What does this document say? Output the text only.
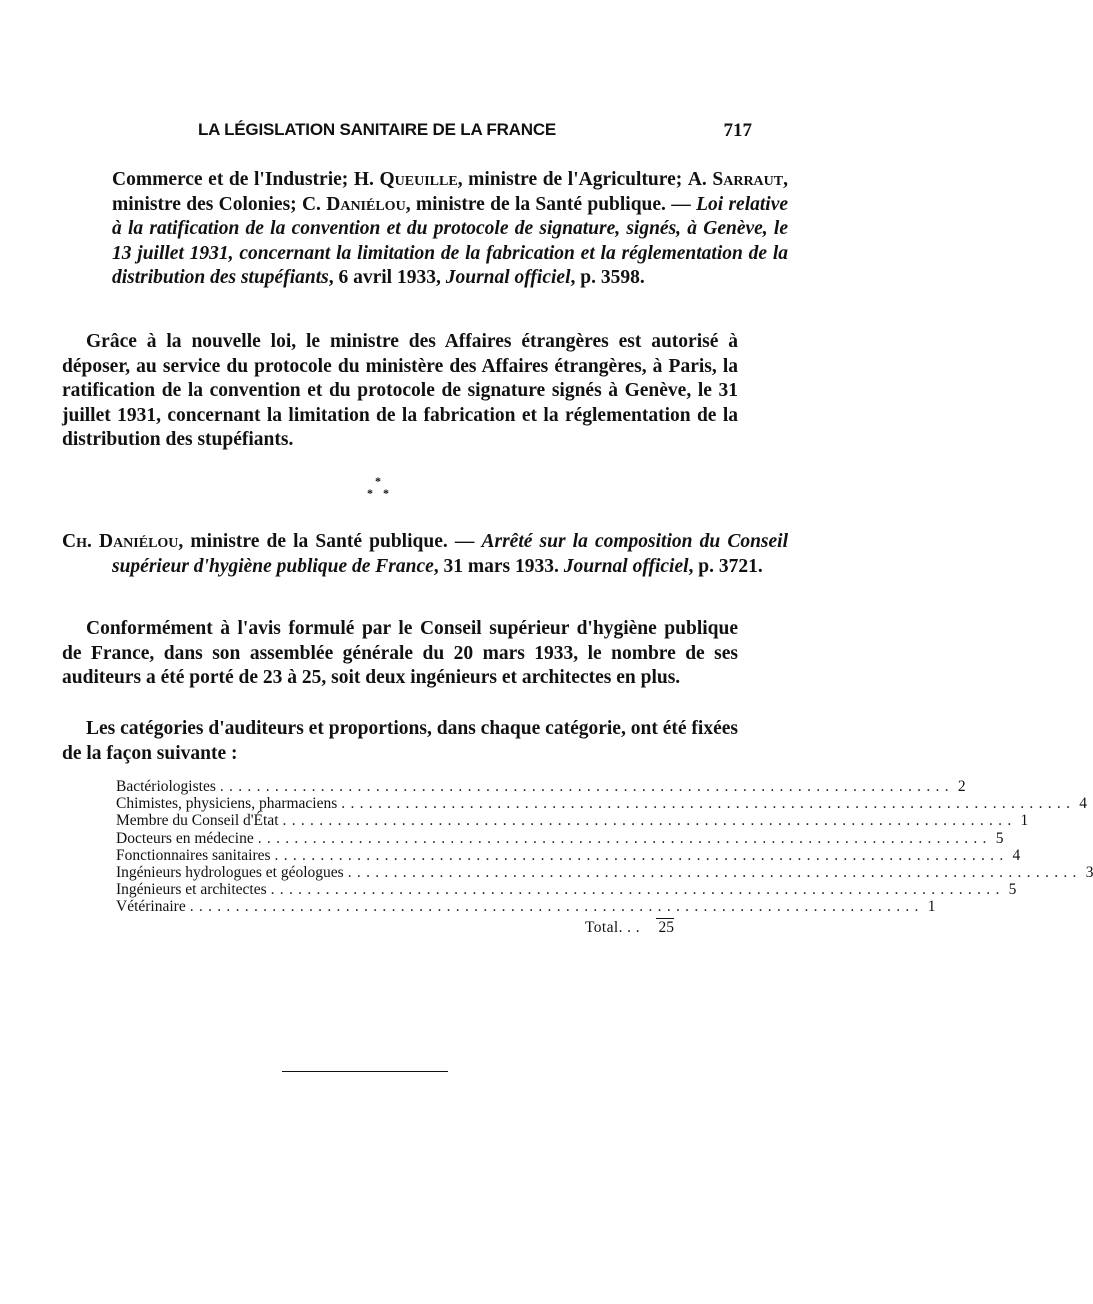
LA LÉGISLATION SANITAIRE DE LA FRANCE	717
Commerce et de l'Industrie; H. Queuille, ministre de l'Agriculture; A. Sarraut, ministre des Colonies; C. Daniélou, ministre de la Santé publique. — Loi relative à la ratification de la convention et du protocole de signature, signés, à Genève, le 13 juillet 1931, concernant la limitation de la fabrication et la réglementation de la distribution des stupéfiants, 6 avril 1933, Journal officiel, p. 3598.
Grâce à la nouvelle loi, le ministre des Affaires étrangères est autorisé à déposer, au service du protocole du ministère des Affaires étrangères, à Paris, la ratification de la convention et du protocole de signature signés à Genève, le 31 juillet 1931, concernant la limitation de la fabrication et la réglementation de la distribution des stupéfiants.
*
* *
Ch. Daniélou, ministre de la Santé publique. — Arrêté sur la composition du Conseil supérieur d'hygiène publique de France, 31 mars 1933. Journal officiel, p. 3721.
Conformément à l'avis formulé par le Conseil supérieur d'hygiène publique de France, dans son assemblée générale du 20 mars 1933, le nombre de ses auditeurs a été porté de 23 à 25, soit deux ingénieurs et architectes en plus.
Les catégories d'auditeurs et proportions, dans chaque catégorie, ont été fixées de la façon suivante :
Bactériologistes ................................................................................ 2
Chimistes, physiciens, pharmaciens ................................................................................ 4
Membre du Conseil d'État ................................................................................ 1
Docteurs en médecine ................................................................................ 5
Fonctionnaires sanitaires ................................................................................ 4
Ingénieurs hydrologues et géologues ................................................................................ 3
Ingénieurs et architectes ................................................................................ 5
Vétérinaire ................................................................................ 1
Total. . . 25
